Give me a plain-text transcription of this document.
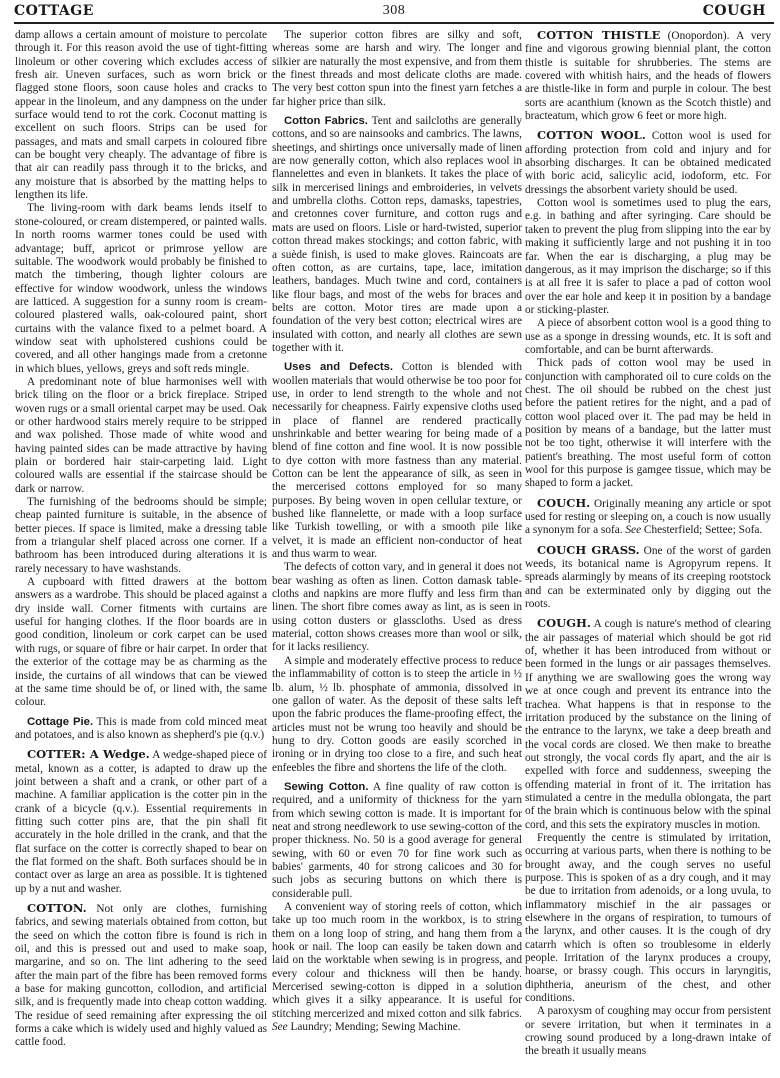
COTTAGE	308	COUGH

damp allows a certain amount of moisture to percolate through it. For this reason avoid the use of tight-fitting linoleum or other covering which excludes access of fresh air. Uneven surfaces, such as worn brick or flagged stone floors, soon cause holes and cracks to appear in the linoleum, and any dampness on the under surface would tend to rot the cork. Coconut matting is excellent on such floors. Strips can be used for passages, and mats and small carpets in coloured fibre can be bought very cheaply. The advantage of fibre is that air can readily pass through it to the bricks, and any moisture that is absorbed by the matting helps to lengthen its life.

The living-room with dark beams lends itself to stone-coloured, or cream distempered, or painted walls. In north rooms warmer tones could be used with advantage; buff, apricot or primrose yellow are suitable. The woodwork would probably be finished to match the timbering, though lighter colours are effective for window woodwork, unless the windows are latticed. A suggestion for a sunny room is cream-coloured plastered walls, oak-coloured paint, short curtains with the valance fixed to a pelmet board. A window seat with upholstered cushions could be covered, and all other hangings made from a cretonne in which blues, yellows, greys and soft reds mingle.

A predominant note of blue harmonises well with brick tiling on the floor or a brick fireplace. Striped woven rugs or a small oriental carpet may be used. Oak or other hardwood stairs merely require to be stripped and wax polished. Those made of white wood and having painted sides can be made attractive by having plain or bordered hair stair-carpeting laid. Light coloured walls are essential if the staircase should be dark or narrow.

The furnishing of the bedrooms should be simple; cheap painted furniture is suitable, in the absence of better pieces. If space is limited, make a dressing table from a triangular shelf placed across one corner. If a bathroom has been introduced during alterations it is rarely necessary to have washstands.

A cupboard with fitted drawers at the bottom answers as a wardrobe. This should be placed against a dry inside wall. Corner fitments with curtains are useful for hanging clothes. If the floor boards are in good condition, linoleum or cork carpet can be used with rugs, or square of fibre or hair carpet. In order that the exterior of the cottage may be as charming as the inside, the curtains of all windows that can be viewed at the same time should be of, or lined with, the same colour.

Cottage Pie. This is made from cold minced meat and potatoes, and is also known as shepherd's pie (q.v.)

COTTER: A Wedge. A wedge-shaped piece of metal, known as a cotter, is adapted to draw up the joint between a shaft and a crank, or other part of a machine. A familiar application is the cotter pin in the crank of a bicycle (q.v.). Essential requirements in fitting such cotter pins are, that the pin shall fit accurately in the hole drilled in the crank, and that the flat surface on the cotter is correctly shaped to bear on the flat formed on the shaft. Both surfaces should be in contact over as large an area as possible. It is tightened up by a nut and washer.

COTTON. Not only are clothes, furnishing fabrics, and sewing materials obtained from cotton, but the seed on which the cotton fibre is found is rich in oil, and this is pressed out and used to make soap, margarine, and so on. The lint adhering to the seed after the main part of the fibre has been removed forms a base for making guncotton, collodion, and artificial silk, and is frequently made into cheap cotton wadding. The residue of seed remaining after expressing the oil forms a cake which is widely used and highly valued as cattle food.

The superior cotton fibres are silky and soft, whereas some are harsh and wiry. The longer and silkier are naturally the most expensive, and from them the finest threads and most delicate cloths are made. The very best cotton spun into the finest yarn fetches a far higher price than silk.

Cotton Fabrics. Tent and sailcloths are generally cottons, and so are nainsooks and cambrics. The lawns, sheetings, and shirtings once universally made of linen are now generally cotton, which also replaces wool in flannelettes and even in blankets. It takes the place of silk in mercerised linings and embroideries, in velvets and umbrella cloths. Cotton reps, damasks, tapestries, and cretonnes cover furniture, and cotton rugs and mats are used on floors. Lisle or hard-twisted, superior cotton thread makes stockings; and cotton fabric, with a suède finish, is used to make gloves. Raincoats are often cotton, as are curtains, tape, lace, imitation leathers, bandages. Much twine and cord, containers like flour bags, and most of the webs for braces and belts are cotton. Motor tires are made upon a foundation of the very best cotton; electrical wires are insulated with cotton, and nearly all clothes are sewn together with it.

Uses and Defects. Cotton is blended with woollen materials that would otherwise be too poor for use, in order to lend strength to the whole and not necessarily for cheapness. Fairly expensive cloths used in place of flannel are rendered practically unshrinkable and better wearing for being made of a blend of fine cotton and fine wool. It is now possible to dye cotton with more fastness than any material. Cotton can be lent the appearance of silk, as seen in the mercerised cottons employed for so many purposes. By being woven in open cellular texture, or bushed like flannelette, or made with a loop surface like Turkish towelling, or with a smooth pile like velvet, it is made an efficient non-conductor of heat and thus warm to wear.

The defects of cotton vary, and in general it does not bear washing as often as linen. Cotton damask table-cloths and napkins are more fluffy and less firm than linen. The short fibre comes away as lint, as is seen in using cotton dusters or glasscloths. Used as dress material, cotton shows creases more than wool or silk, for it lacks resiliency.

A simple and moderately effective process to reduce the inflammability of cotton is to steep the article in ½ lb. alum, ½ lb. phosphate of ammonia, dissolved in one gallon of water. As the deposit of these salts left upon the fabric produces the flame-proofing effect, the articles must not be wrung too heavily and should be hung to dry. Cotton goods are easily scorched in ironing or in drying too close to a fire, and such heat enfeebles the fibre and shortens the life of the cloth.

Sewing Cotton. A fine quality of raw cotton is required, and a uniformity of thickness for the yarn from which sewing cotton is made. It is important for neat and strong needlework to use sewing-cotton of the proper thickness. No. 50 is a good average for general sewing, with 60 or even 70 for fine work such as babies' garments, 40 for strong calicoes and 30 for such jobs as securing buttons on which there is considerable pull.

A convenient way of storing reels of cotton, which take up too much room in the workbox, is to string them on a long loop of string, and hang them from a hook or nail. The loop can easily be taken down and laid on the worktable when sewing is in progress, and every colour and thickness will then be handy. Mercerised sewing-cotton is dipped in a solution which gives it a silky appearance. It is useful for stitching mercerized and mixed cotton and silk fabrics. See Laundry; Mending; Sewing Machine.

COTTON THISTLE (Onopordon). A very fine and vigorous growing biennial plant, the cotton thistle is suitable for shrubberies. The stems are covered with whitish hairs, and the heads of flowers are thistle-like in form and purple in colour. The best sorts are acanthium (known as the Scotch thistle) and bracteatum, which grow 6 feet or more high.

COTTON WOOL. Cotton wool is used for affording protection from cold and injury and for absorbing discharges. It can be obtained medicated with boric acid, salicylic acid, iodoform, etc. For dressings the absorbent variety should be used.

Cotton wool is sometimes used to plug the ears, e.g. in bathing and after syringing. Care should be taken to prevent the plug from slipping into the ear by making it sufficiently large and not pushing it in too far. When the ear is discharging, a plug may be dangerous, as it may imprison the discharge; so if this is at all free it is safer to place a pad of cotton wool over the ear hole and keep it in position by a bandage or sticking-plaster.

A piece of absorbent cotton wool is a good thing to use as a sponge in dressing wounds, etc. It is soft and comfortable, and can be burnt afterwards.

Thick pads of cotton wool may be used in conjunction with camphorated oil to cure colds on the chest. The oil should be rubbed on the chest just before the patient retires for the night, and a pad of cotton wool placed over it. The pad may be held in position by means of a bandage, but the latter must not be too tight, otherwise it will interfere with the patient's breathing. The most useful form of cotton wool for this purpose is gamgee tissue, which may be shaped to form a jacket.

COUCH. Originally meaning any article or spot used for resting or sleeping on, a couch is now usually a synonym for a sofa. See Chesterfield; Settee; Sofa.

COUCH GRASS. One of the worst of garden weeds, its botanical name is Agropyrum repens. It spreads alarmingly by means of its creeping rootstock and can be exterminated only by digging out the roots.

COUGH. A cough is nature's method of clearing the air passages of material which should be got rid of, whether it has been introduced from without or been formed in the lungs or air passages themselves. If anything we are swallowing goes the wrong way we at once cough and prevent its entrance into the trachea. What happens is that in response to the irritation produced by the substance on the lining of the entrance to the larynx, we take a deep breath and the vocal cords are closed. We then make to breathe out strongly, the vocal cords fly apart, and the air is expelled with force and suddenness, sweeping the offending material in front of it. The irritation has stimulated a centre in the medulla oblongata, the part of the brain which is continuous below with the spinal cord, and this sets the expiratory muscles in motion.

Frequently the centre is stimulated by irritation, occurring at various parts, when there is nothing to be brought away, and the cough serves no useful purpose. This is spoken of as a dry cough, and it may be due to irritation from adenoids, or a long uvula, to inflammatory mischief in the air passages or elsewhere in the organs of respiration, to tumours of the larynx, and other causes. It is the cough of dry catarrh which is often so troublesome in elderly people. Irritation of the larynx produces a croupy, hoarse, or brassy cough. This occurs in laryngitis, diphtheria, aneurism of the chest, and other conditions.

A paroxysm of coughing may occur from persistent or severe irritation, but when it terminates in a crowing sound produced by a long-drawn intake of the breath it usually means
